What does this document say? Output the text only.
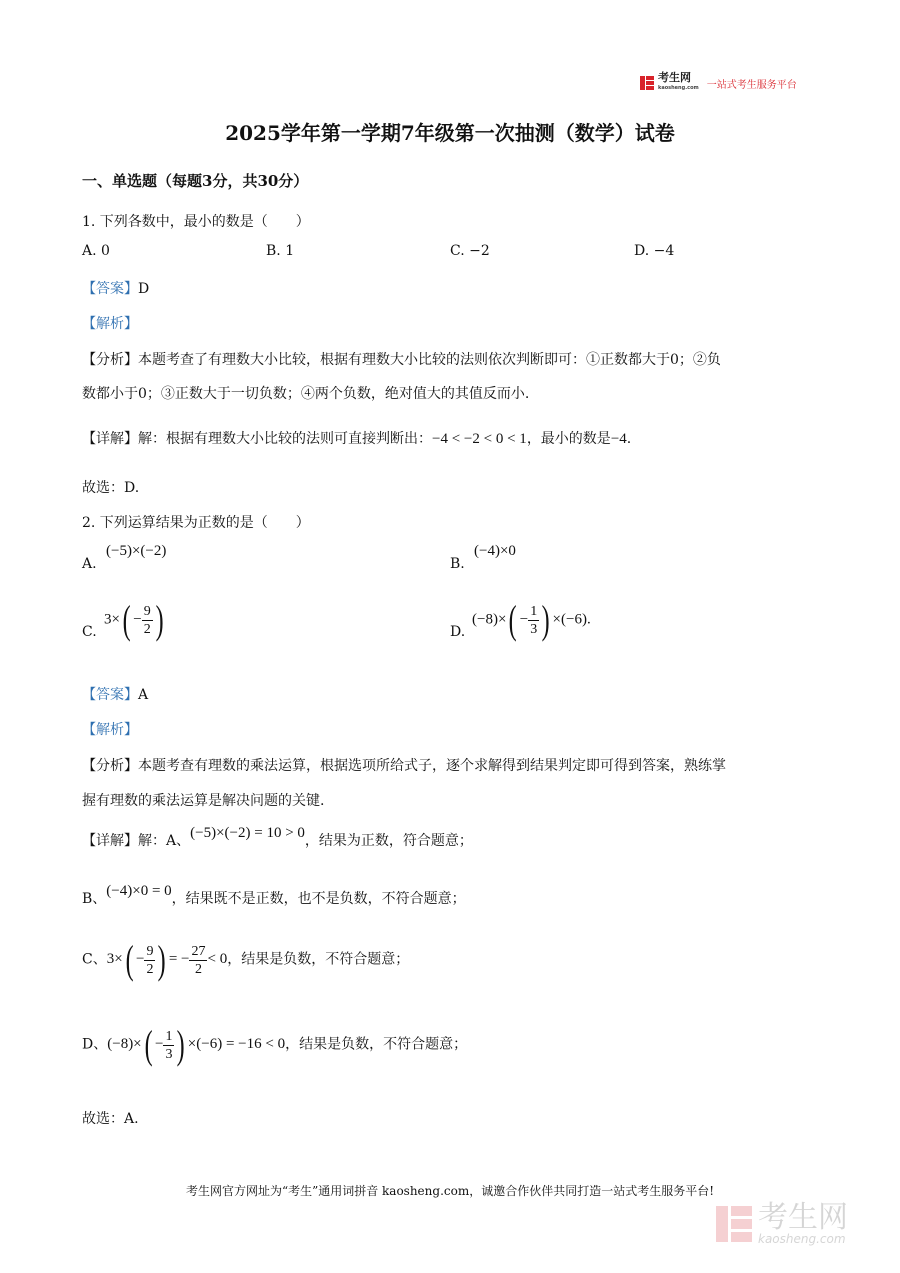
考生网
kaosheng.com 一站式考生服务平台
2025学年第一学期7年级第一次抽测（数学）试卷
一、单选题（每题3分，共30分）
1. 下列各数中，最小的数是（　　）
A. 0	B. 1	C. −2	D. −4
【答案】D
【解析】
【分析】本题考查了有理数大小比较，根据有理数大小比较的法则依次判断即可：①正数都大于0；②负
数都小于0；③正数大于一切负数；④两个负数，绝对值大的其值反而小.
【详解】解：根据有理数大小比较的法则可直接判断出：−4 < −2 < 0 < 1，最小的数是−4.
故选：D.
2. 下列运算结果为正数的是（　　）
A.
(−5)×(−2)
B.
(−4)×0
C.
$3\times( - \frac{9}{2}$ )	D.
$(-8)\times( - \frac{1}{3}$ ) ×(−6).
【答案】A
【解析】
【分析】本题考查有理数的乘法运算，根据选项所给式子，逐个求解得到结果判定即可得到答案，熟练掌
握有理数的乘法运算是解决问题的关键.
【详解】解：A、(−5)×(−2) = 10 > 0，结果为正数，符合题意；
B、(−4)×0 = 0，结果既不是正数，也不是负数，不符合题意；
C、$3\times( - \frac{9}{2}$ ) = − $\frac{27}{2} < 0$，结果是负数，不符合题意；
D、$(-8)\times( - \frac{1}{3}$ ) ×(−6) = −16 < 0，结果是负数，不符合题意；
故选：A.
考生网官方网址为“考生”通用词拼音 kaosheng.com，诚邀合作伙伴共同打造一站式考生服务平台!
考生网
kaosheng.com
